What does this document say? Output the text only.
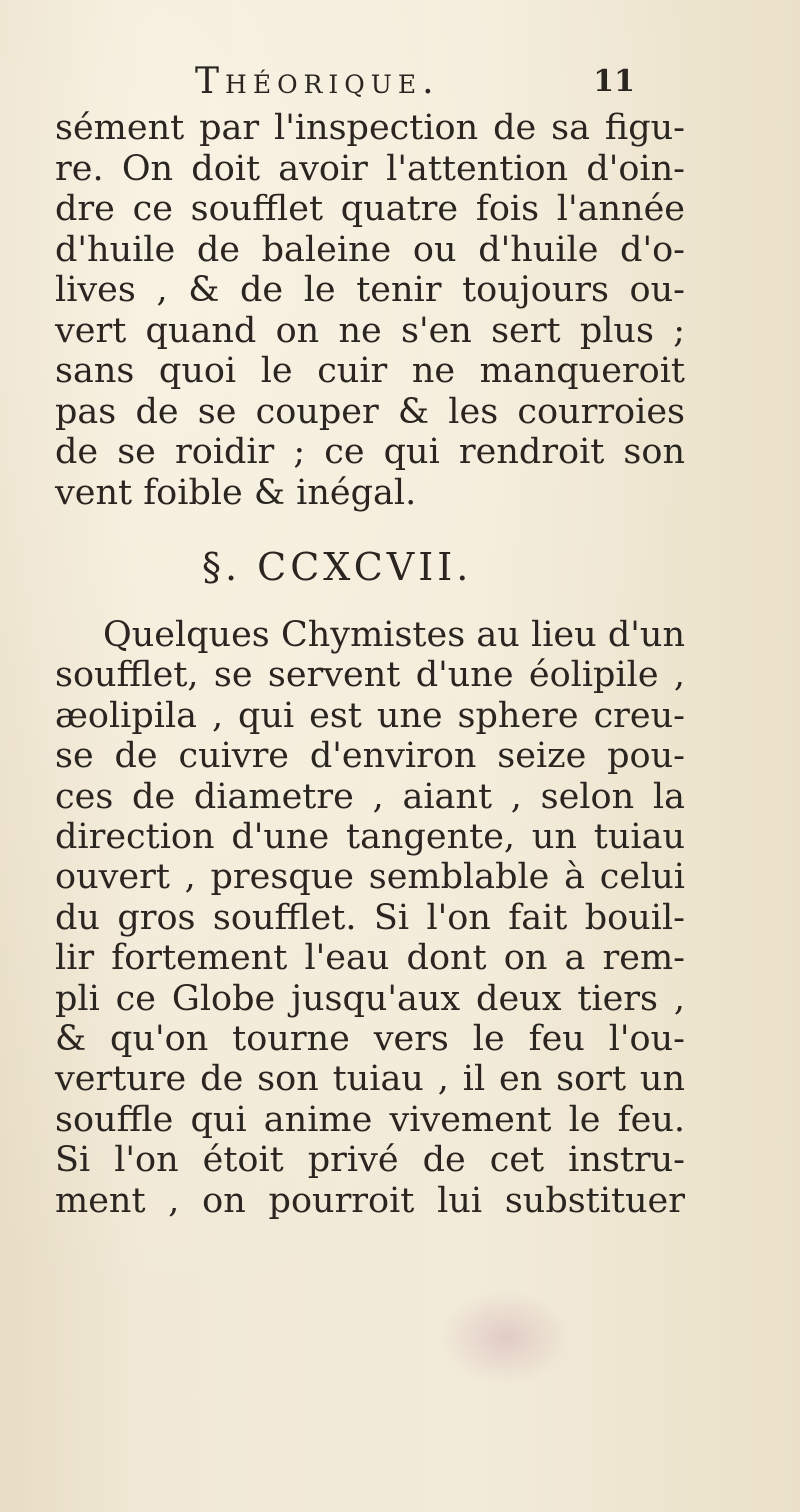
Théorique.	11
sément par l'inspection de sa figu-
re. On doit avoir l'attention d'oin-
dre ce soufflet quatre fois l'année
d'huile de baleine ou d'huile d'o-
lives , & de le tenir toujours ou-
vert quand on ne s'en sert plus ;
sans quoi le cuir ne manqueroit
pas de se couper & les courroies
de se roidir ; ce qui rendroit son
vent foible & inégal.
§. CCXCVII.
Quelques Chymistes au lieu d'un
soufflet, se servent d'une éolipile ,
æolipila , qui est une sphere creu-
se de cuivre d'environ seize pou-
ces de diametre , aiant , selon la
direction d'une tangente, un tuiau
ouvert , presque semblable à celui
du gros soufflet. Si l'on fait bouil-
lir fortement l'eau dont on a rem-
pli ce Globe jusqu'aux deux tiers ,
& qu'on tourne vers le feu l'ou-
verture de son tuiau , il en sort un
souffle qui anime vivement le feu.
Si l'on étoit privé de cet instru-
ment , on pourroit lui substituer
